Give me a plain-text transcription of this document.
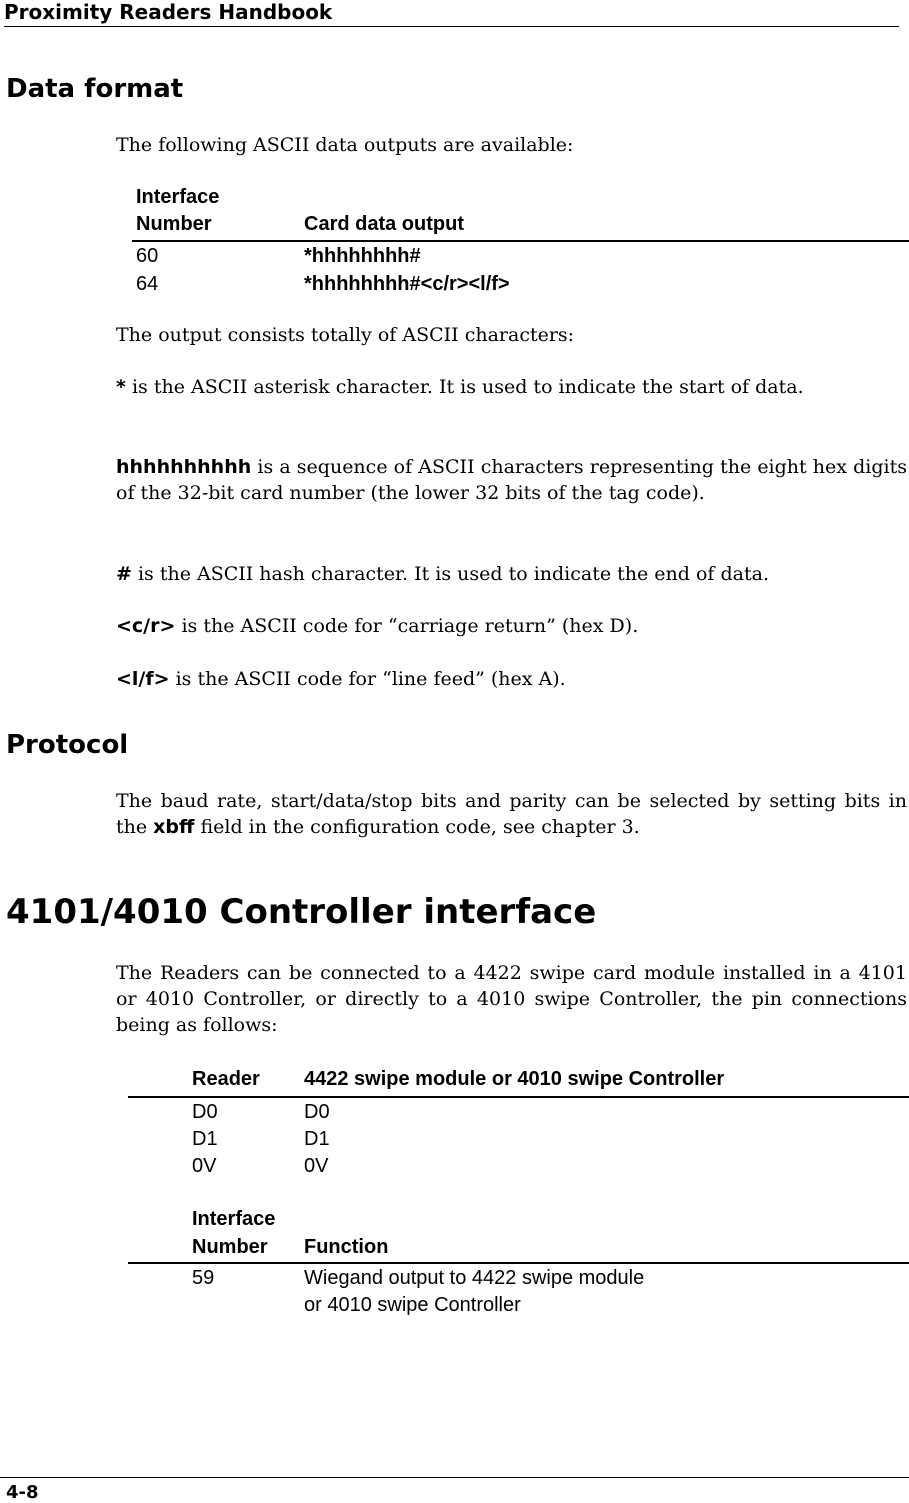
Proximity Readers Handbook
Data format

The following ASCII data outputs are available:

Interface
Number	Card data output
60	*hhhhhhhh#
64	*hhhhhhhh#<c/r><l/f>

The output consists totally of ASCII characters:

* is the ASCII asterisk character. It is used to indicate the start of data.

hhhhhhhhhh is a sequence of ASCII characters representing the eight hex digits of the 32-bit card number (the lower 32 bits of the tag code).

# is the ASCII hash character. It is used to indicate the end of data.

<c/r> is the ASCII code for “carriage return” (hex D).

<l/f> is the ASCII code for “line feed” (hex A).

Protocol

The baud rate, start/data/stop bits and parity can be selected by setting bits in the xbff field in the configuration code, see chapter 3.

4101/4010 Controller interface

The Readers can be connected to a 4422 swipe card module installed in a 4101 or 4010 Controller, or directly to a 4010 swipe Controller, the pin connections being as follows:

Reader 4422 swipe module or 4010 swipe Controller
D0	D0
D1	D1
0V	0V
Interface
Number Function
59	Wiegand output to 4422 swipe module
or 4010 swipe Controller
4-8
